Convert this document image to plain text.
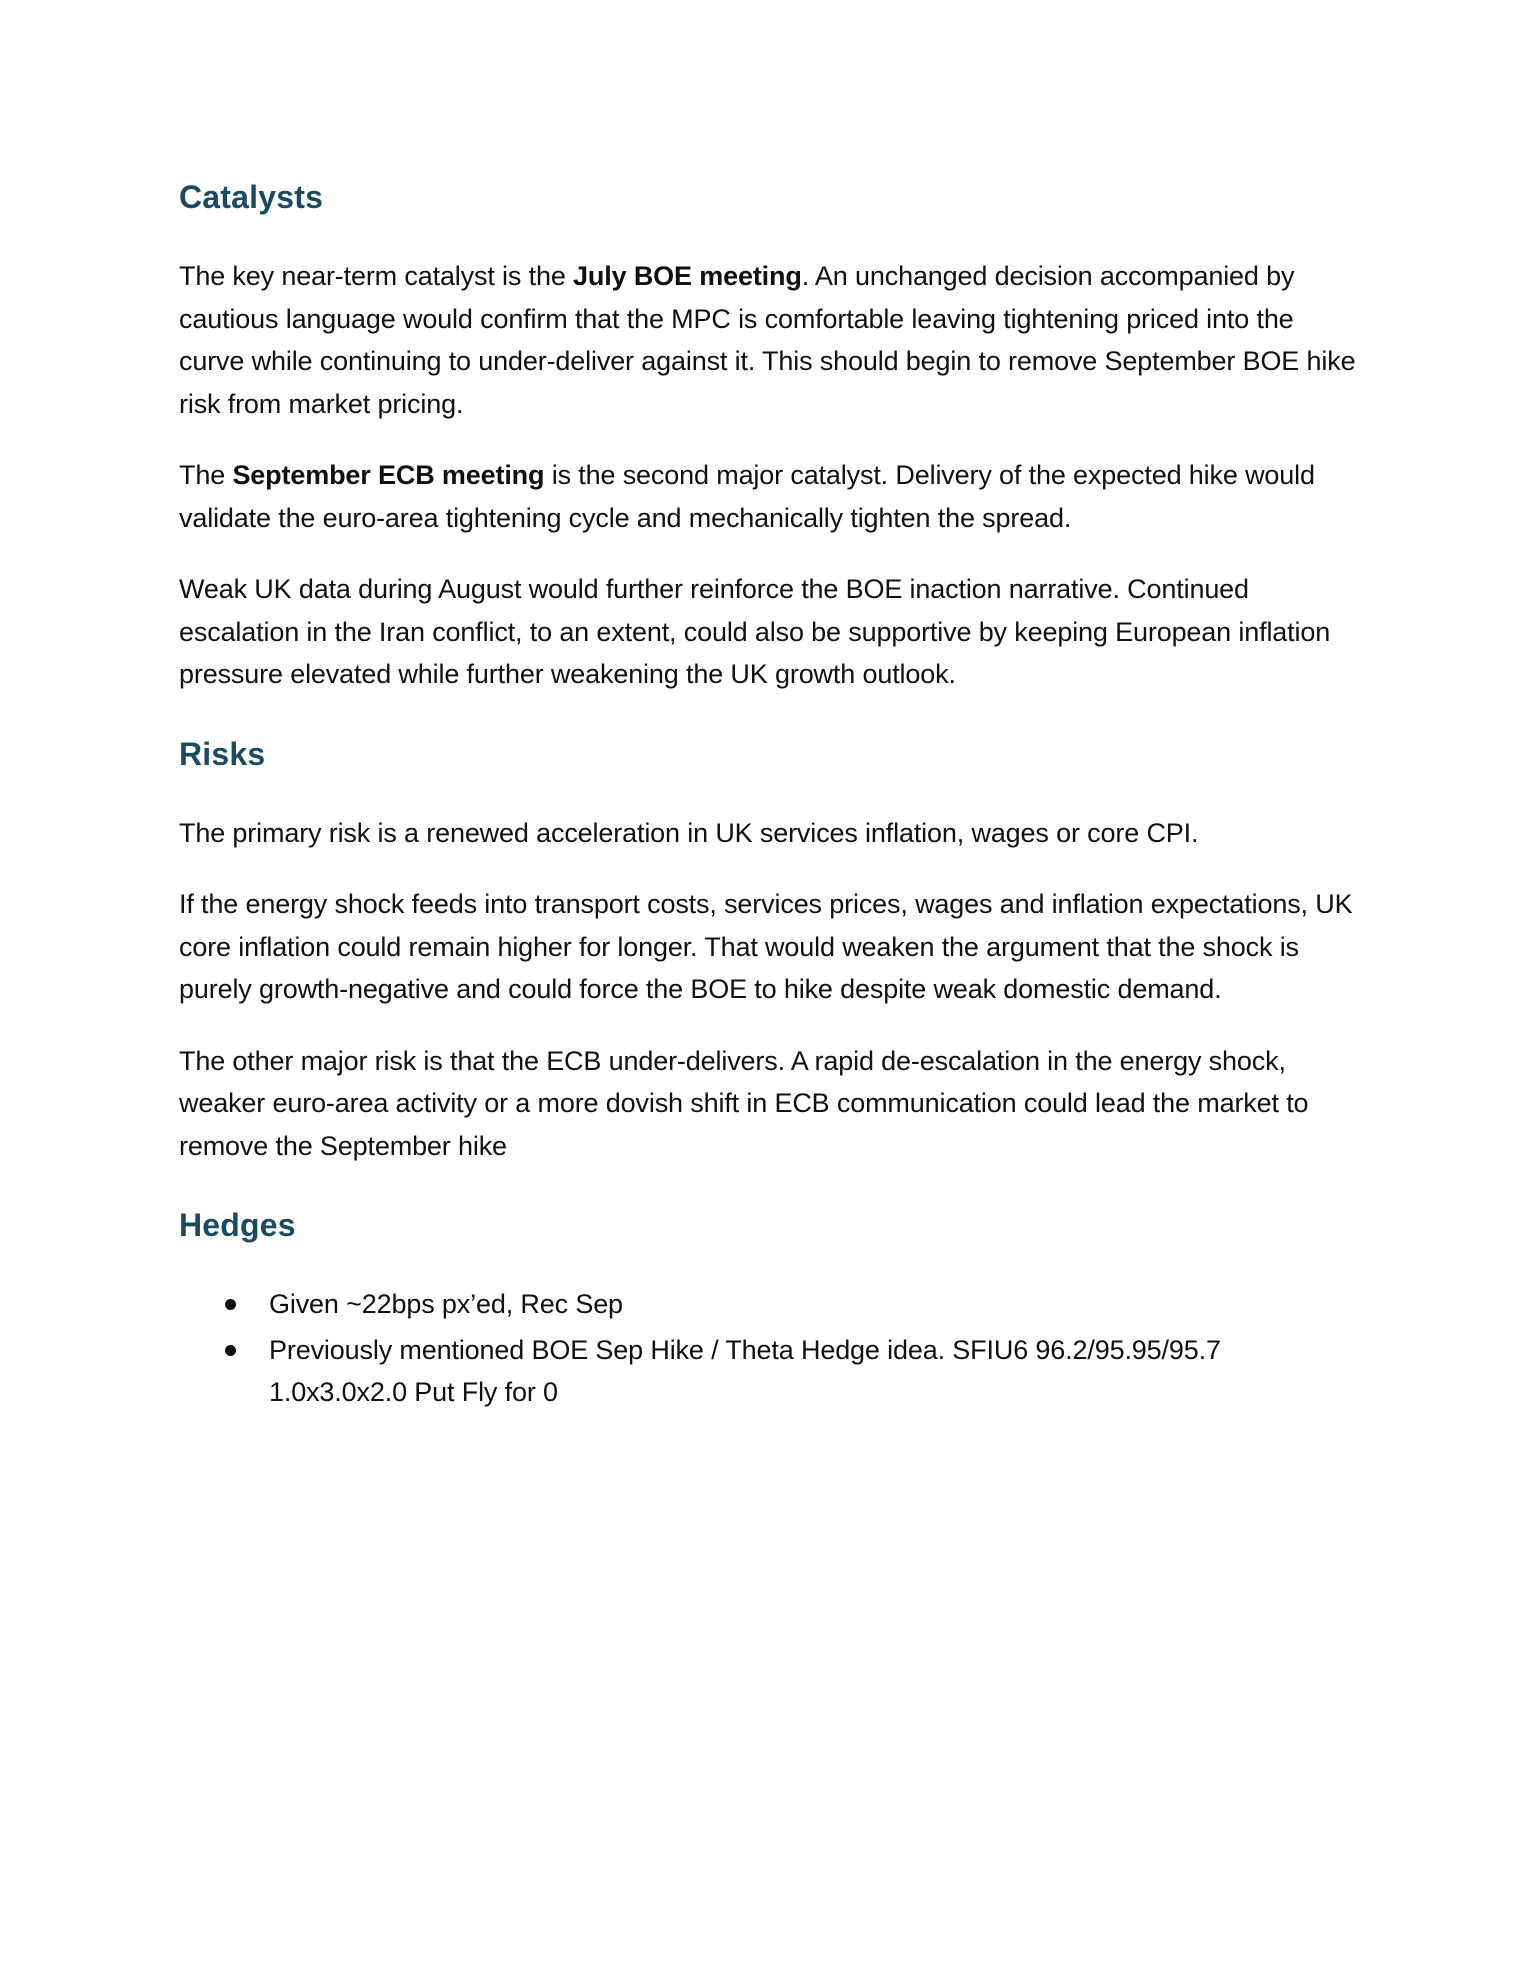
Catalysts

The key near-term catalyst is the July BOE meeting. An unchanged decision accompanied by cautious language would confirm that the MPC is comfortable leaving tightening priced into the curve while continuing to under-deliver against it. This should begin to remove September BOE hike risk from market pricing.

The September ECB meeting is the second major catalyst. Delivery of the expected hike would validate the euro-area tightening cycle and mechanically tighten the spread.

Weak UK data during August would further reinforce the BOE inaction narrative. Continued escalation in the Iran conflict, to an extent, could also be supportive by keeping European inflation pressure elevated while further weakening the UK growth outlook.

Risks

The primary risk is a renewed acceleration in UK services inflation, wages or core CPI.

If the energy shock feeds into transport costs, services prices, wages and inflation expectations, UK core inflation could remain higher for longer. That would weaken the argument that the shock is purely growth-negative and could force the BOE to hike despite weak domestic demand.

The other major risk is that the ECB under-delivers. A rapid de-escalation in the energy shock, weaker euro-area activity or a more dovish shift in ECB communication could lead the market to remove the September hike

Hedges
Given ~22bps px’ed, Rec Sep
Previously mentioned BOE Sep Hike / Theta Hedge idea. SFIU6 96.2/95.95/95.7 1.0x3.0x2.0 Put Fly for 0
